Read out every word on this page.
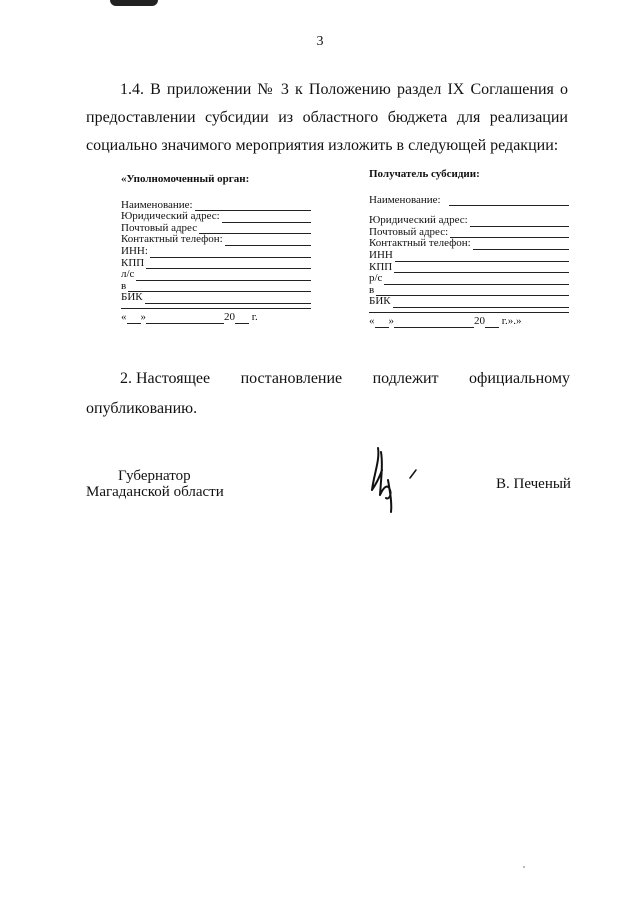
3
1.4. В приложении № 3 к Положению раздел IX Соглашения о
предоставлении субсидии из областного бюджета для реализации
социально значимого мероприятия изложить в следующей редакции:
«Уполномоченный орган:
Наименование:
Юридический адрес:
Почтовый адрес
Контактный телефон:
ИНН:
КПП
л/с
в
БИК
« »	20
г.
Получатель субсидии:
Наименование:
Юридический адрес:
Почтовый адрес:
Контактный телефон:
ИНН
КПП
р/с
в
БИК
« »	20
г.».»
2. Настоящее постановление подлежит официальному
опубликованию.
Губернатор
Магаданской области	В. Печеный
